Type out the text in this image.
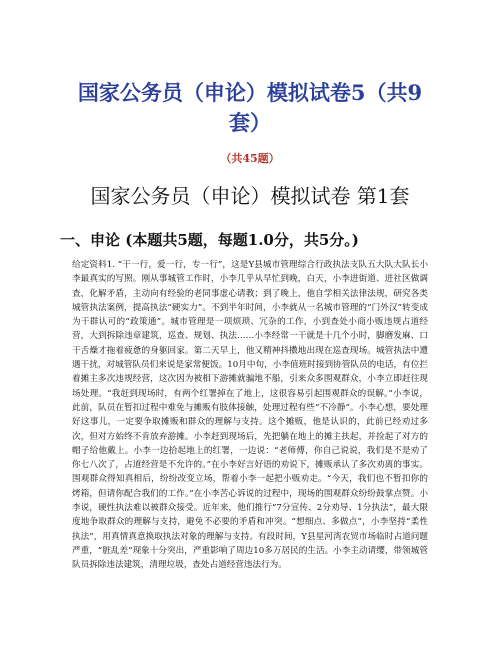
国家公务员（申论）模拟试卷5（共9套）

（共45题）

国家公务员（申论）模拟试卷 第1套
一、申论 (本题共5题，每题1.0分，共5分。)

给定资料1. “干一行，爱一行，专一行”，这是Y县城市管理综合行政执法支队五大队大队长小李最真实的写照。刚从事城管工作时，小李几乎从早忙到晚，白天，小李进街道、进社区做调查，化解矛盾，主动向有经验的老同事虚心请教；到了晚上，他自学相关法律法规，研究各类城管执法案例，提高执法“硬实力”。不到半年时间，小李就从一名城市管理的“门外汉”转变成为干群认可的“政策通”。城市管理是一项烦琐、冗杂的工作，小到查处小商小贩违规占道经营，大到拆除违章建筑，巡查、规划、执法……小李经常一干就是十几个小时，脚磨发麻、口干舌燥才拖着疲惫的身躯回家。第二天早上，他又精神抖擞地出现在巡查现场。城管执法中遭遇干扰，对城管队员们来说是家常便饭。10月中旬，小李值班时接到协管队员的电话，有位拦着摊主多次违规经营，这次因为被相下游摊就骗地不船，引来众多围观群众，小李立即赶往现场处理。“我赶到现场时，有两个红署掉在了地上，这很容易引起围观群众的误解。”小李说，此前，队员在暂扣过程中难免与摊贩有肢体接触，处理过程有些“不冷静”。小李心想，要处理好这事儿，一定要争取摊贩和群众的理解与支持。这个摊贩，他是认识的，此前已经劝过多次，但对方始终不肯放弃游摊。小李赶到现场后，先把躺在地上的摊主扶起，并捡起了对方的帽子给他戴上。小李一边拾起地上的红署，一边说：“老师傅，你自己说说，我们是不是劝了你七八次了，占道经营是不允许的。”在小李好言好语的劝说下，摊贩承认了多次劝离的事实。围观群众得知真相后，纷纷改变立场，帮着小李一起把小贩劝走。“今天，我们也不暂扣你的烤箱，但请你配合我们的工作。”在小李苦心诉说的过程中，现场的围观群众纷纷鼓掌点赞。小李说，硬性执法难以被群众接受。近年来，他们推行“7分宣传、2分劝导、1分执法”，最大限度地争取群众的理解与支持，避免不必要的矛盾和冲突。“想细点、多做点”，小李坚持“柔性执法”，用真情真意换取执法对象的理解与支持。有段时间，Y县星河湾农贸市场临时占道问题严重，“脏乱差”现象十分突出，严重影响了周边10多万居民的生活。小李主动请缨，带领城管队员拆除违法建筑，清理垃圾，查处占道经营违法行为。
